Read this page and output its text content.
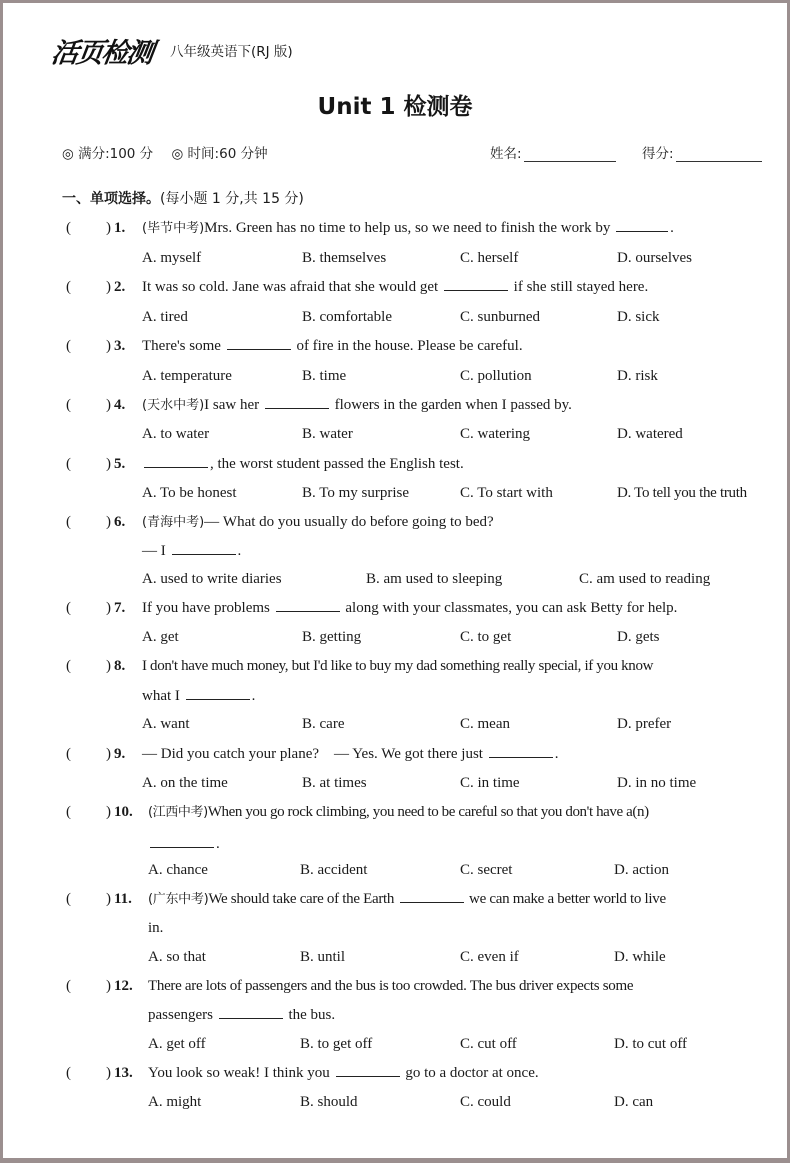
活页检测 八年级英语下(RJ 版)
Unit 1 检测卷
◎ 满分:100 分 ◎ 时间:60 分钟	姓名:	得分:
一、单项选择。(每小题 1 分,共 15 分)
( ) 1. (毕节中考)Mrs. Green has no time to help us, so we need to finish the work by	.
A. myself	B. themselves	C. herself	D. ourselves
( ) 2. It was so cold. Jane was afraid that she would get	if she still stayed here.
A. tired	B. comfortable	C. sunburned	D. sick
( ) 3. There's some	of fire in the house. Please be careful.
A. temperature	B. time	C. pollution	D. risk
( ) 4. (天水中考)I saw her	flowers in the garden when I passed by.
A. to water	B. water	C. watering	D. watered
( ) 5.	, the worst student passed the English test.
A. To be honest	B. To my surprise	C. To start with	D. To tell you the truth
( ) 6. (青海中考)— What do you usually do before going to bed?
— I	.
A. used to write diaries	B. am used to sleeping	C. am used to reading
( ) 7. If you have problems	along with your classmates, you can ask Betty for help.
A. get	B. getting	C. to get	D. gets
( ) 8. I don't have much money, but I'd like to buy my dad something really special, if you know
what I	.
A. want	B. care	C. mean	D. prefer
( ) 9. — Did you catch your plane?    — Yes. We got there just	.
A. on the time	B. at times	C. in time	D. in no time
( ) 10. (江西中考)When you go rock climbing, you need to be careful so that you don't have a(n)
.
A. chance	B. accident	C. secret	D. action
( ) 11. (广东中考)We should take care of the Earth	we can make a better world to live
in.
A. so that	B. until	C. even if	D. while
( ) 12. There are lots of passengers and the bus is too crowded. The bus driver expects some
passengers	the bus.
A. get off	B. to get off	C. cut off	D. to cut off
( ) 13. You look so weak! I think you	go to a doctor at once.
A. might	B. should	C. could	D. can
